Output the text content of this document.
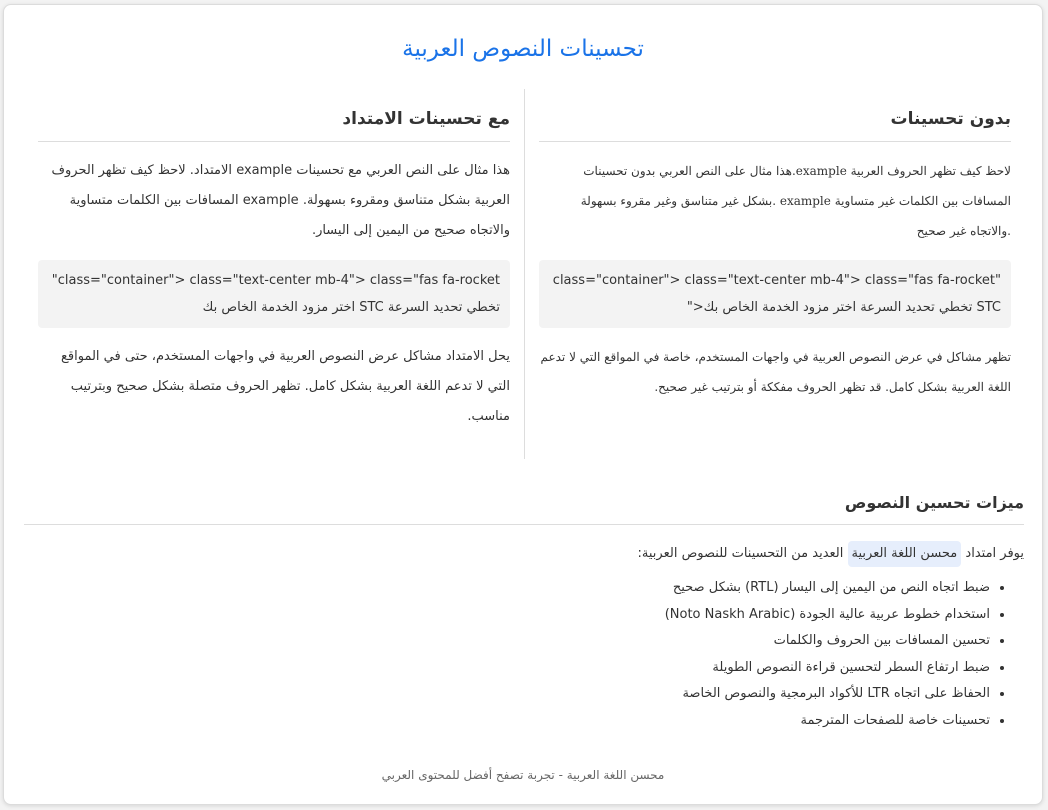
تحسينات النصوص العربية
بدون تحسينات

لاحظ كيف تظهر الحروف العربية example.هذا مثال على النص العربي بدون تحسينات المسافات بين الكلمات غير متساوية example .بشكل غير متناسق وغير مقروء بسهولة .والاتجاه غير صحيح

class="container"> class="text-center mb-4"> class="fas fa-rocket" STC تخطي تحديد السرعة اختر مزود الخدمة الخاص بك<"

تظهر مشاكل في عرض النصوص العربية في واجهات المستخدم، خاصة في المواقع التي لا تدعم اللغة العربية بشكل كامل. قد تظهر الحروف مفككة أو بترتيب غير صحيح.

مع تحسينات الامتداد

هذا مثال على النص العربي مع تحسينات example الامتداد. لاحظ كيف تظهر الحروف العربية بشكل متناسق ومقروء بسهولة. example المسافات بين الكلمات متساوية والاتجاه صحيح من اليمين إلى اليسار.

class="container"> class="text-center mb-4"> class="fas fa-rocket" تخطي تحديد السرعة STC اختر مزود الخدمة الخاص بك

يحل الامتداد مشاكل عرض النصوص العربية في واجهات المستخدم، حتى في المواقع التي لا تدعم اللغة العربية بشكل كامل. تظهر الحروف متصلة بشكل صحيح وبترتيب مناسب.

ميزات تحسين النصوص

يوفر امتداد محسن اللغة العربية العديد من التحسينات للنصوص العربية:

• ضبط اتجاه النص من اليمين إلى اليسار (RTL) بشكل صحيح
• استخدام خطوط عربية عالية الجودة (Noto Naskh Arabic)
• تحسين المسافات بين الحروف والكلمات
• ضبط ارتفاع السطر لتحسين قراءة النصوص الطويلة
• الحفاظ على اتجاه LTR للأكواد البرمجية والنصوص الخاصة
• تحسينات خاصة للصفحات المترجمة
محسن اللغة العربية - تجربة تصفح أفضل للمحتوى العربي
